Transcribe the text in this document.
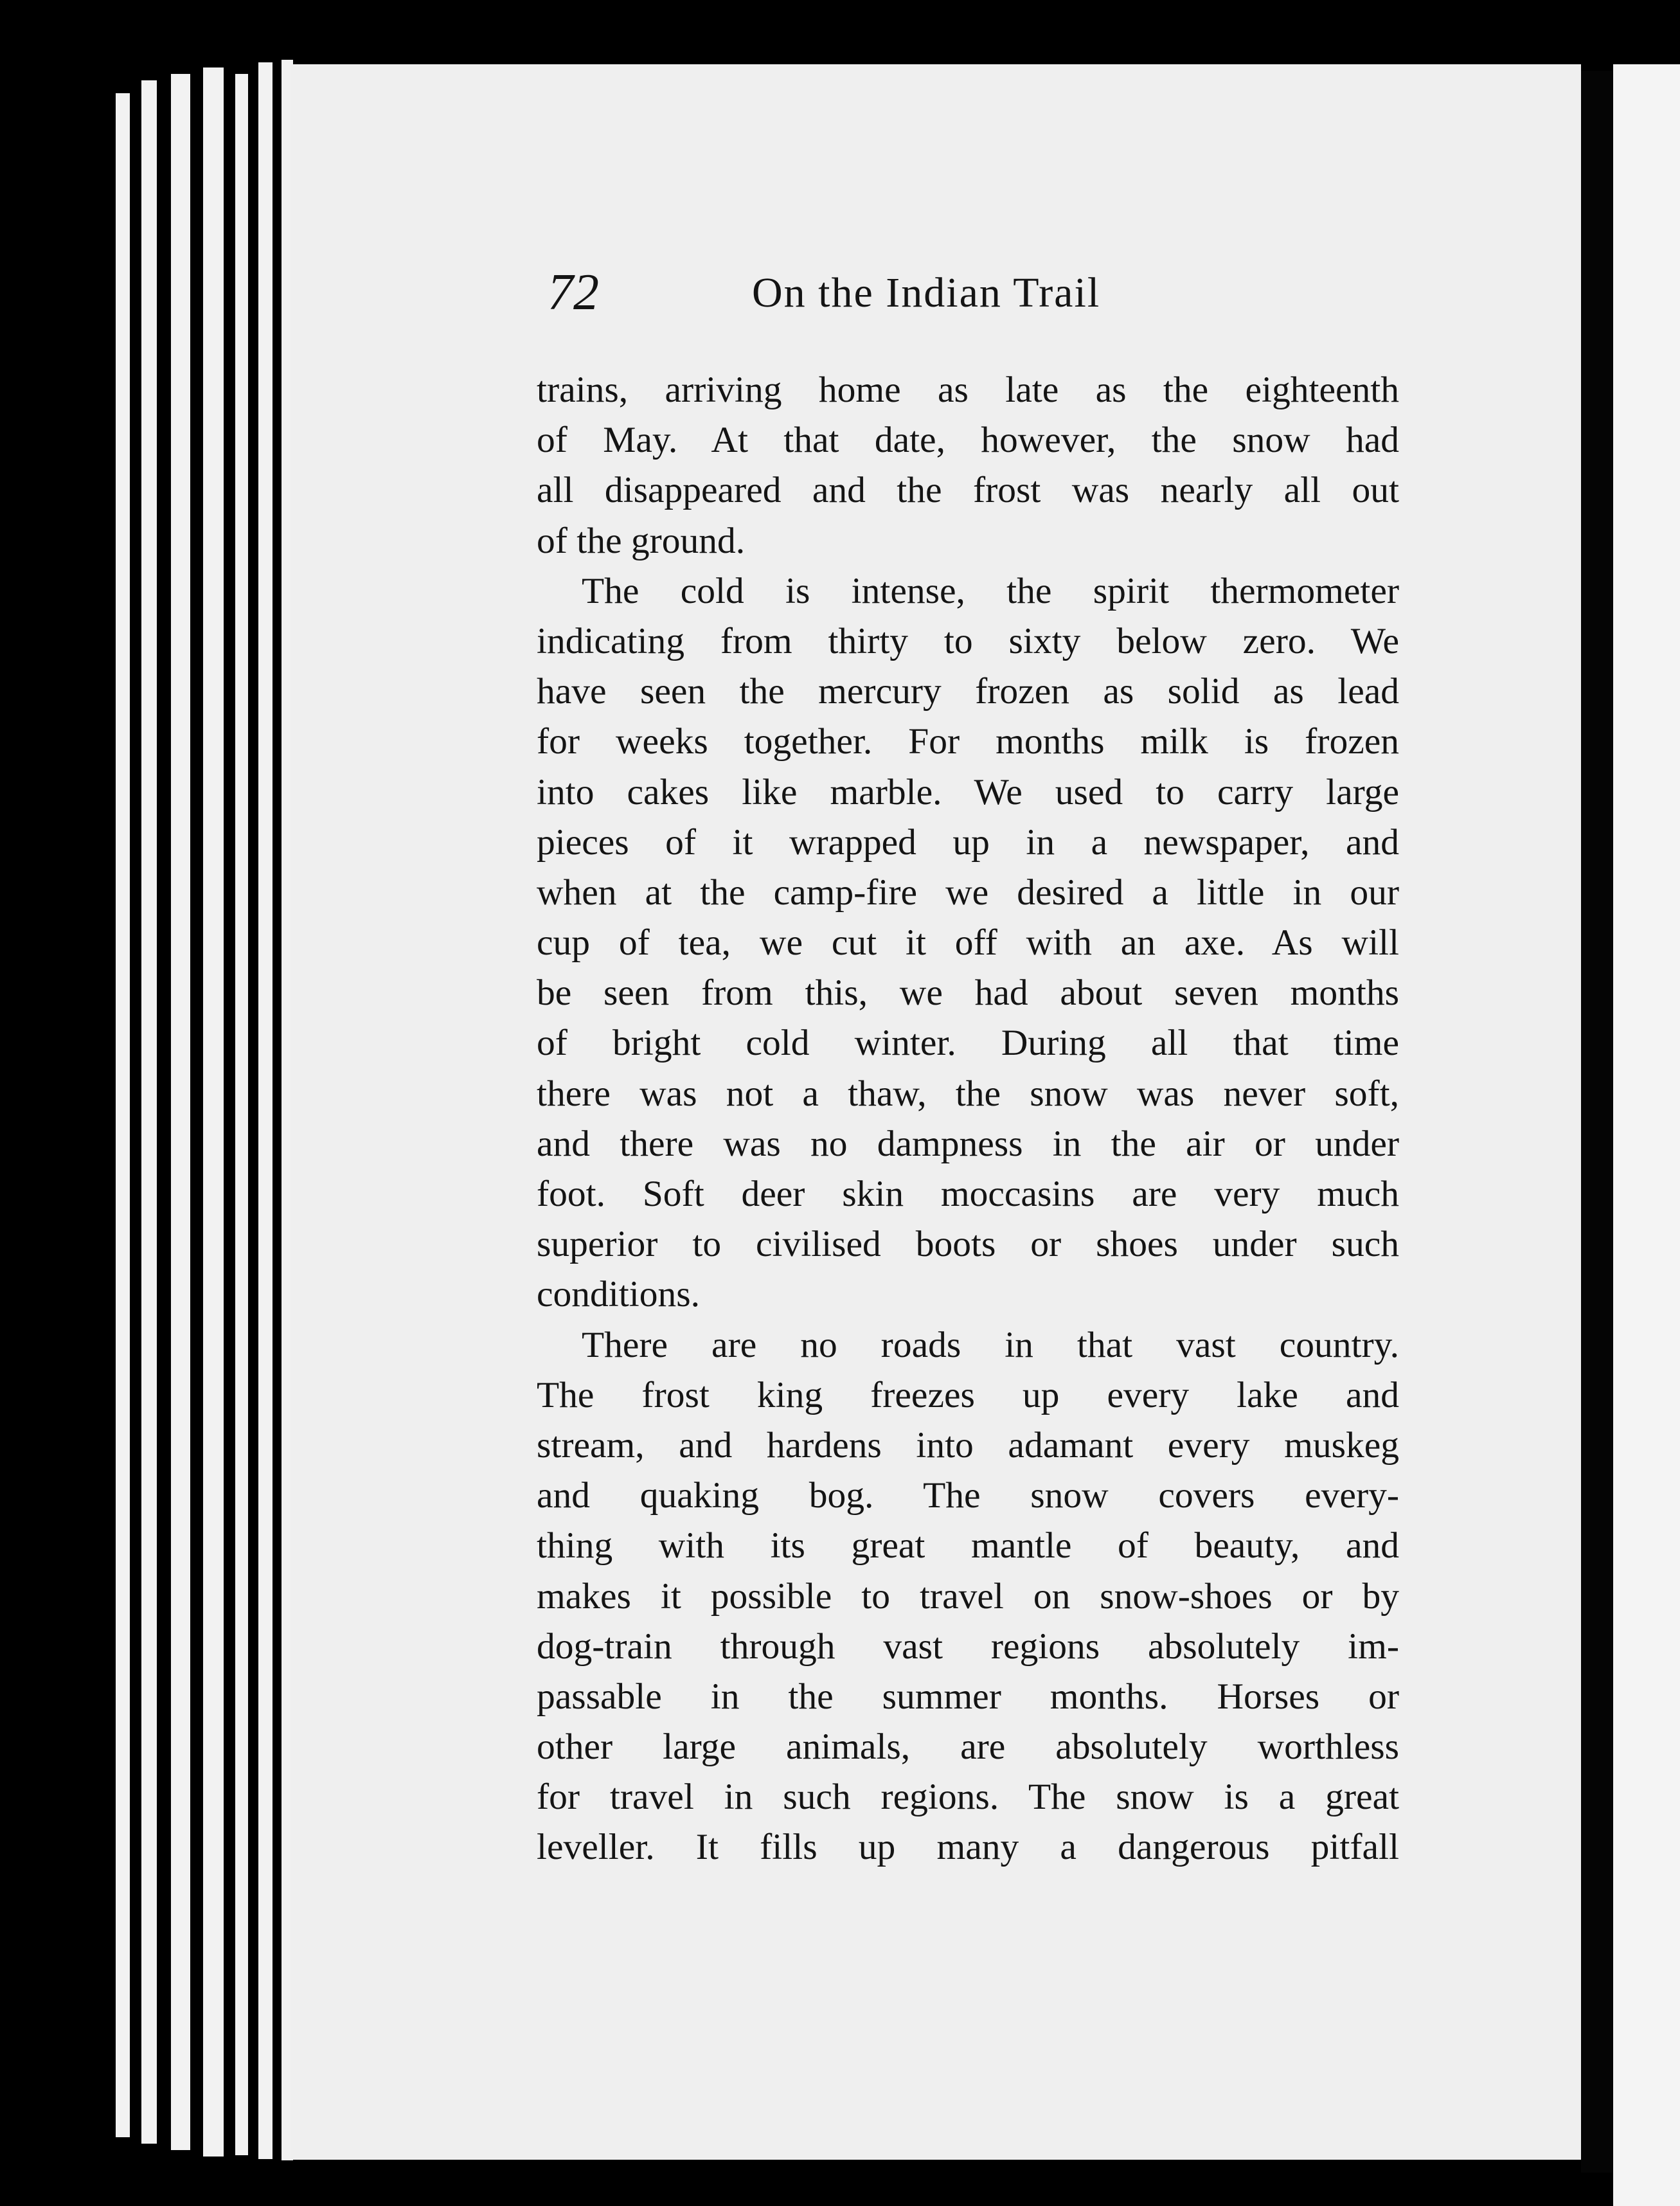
72	On the Indian Trail
trains, arriving home as late as the eighteenth
of May. At that date, however, the snow had
all disappeared and the frost was nearly all out
of the ground.
The cold is intense, the spirit thermometer
indicating from thirty to sixty below zero. We
have seen the mercury frozen as solid as lead
for weeks together. For months milk is frozen
into cakes like marble. We used to carry large
pieces of it wrapped up in a newspaper, and
when at the camp-fire we desired a little in our
cup of tea, we cut it off with an axe. As will
be seen from this, we had about seven months
of bright cold winter. During all that time
there was not a thaw, the snow was never soft,
and there was no dampness in the air or under
foot. Soft deer skin moccasins are very much
superior to civilised boots or shoes under such
conditions.
There are no roads in that vast country.
The frost king freezes up every lake and
stream, and hardens into adamant every muskeg
and quaking bog. The snow covers every-
thing with its great mantle of beauty, and
makes it possible to travel on snow-shoes or by
dog-train through vast regions absolutely im-
passable in the summer months. Horses or
other large animals, are absolutely worthless
for travel in such regions. The snow is a great
leveller. It fills up many a dangerous pitfall
